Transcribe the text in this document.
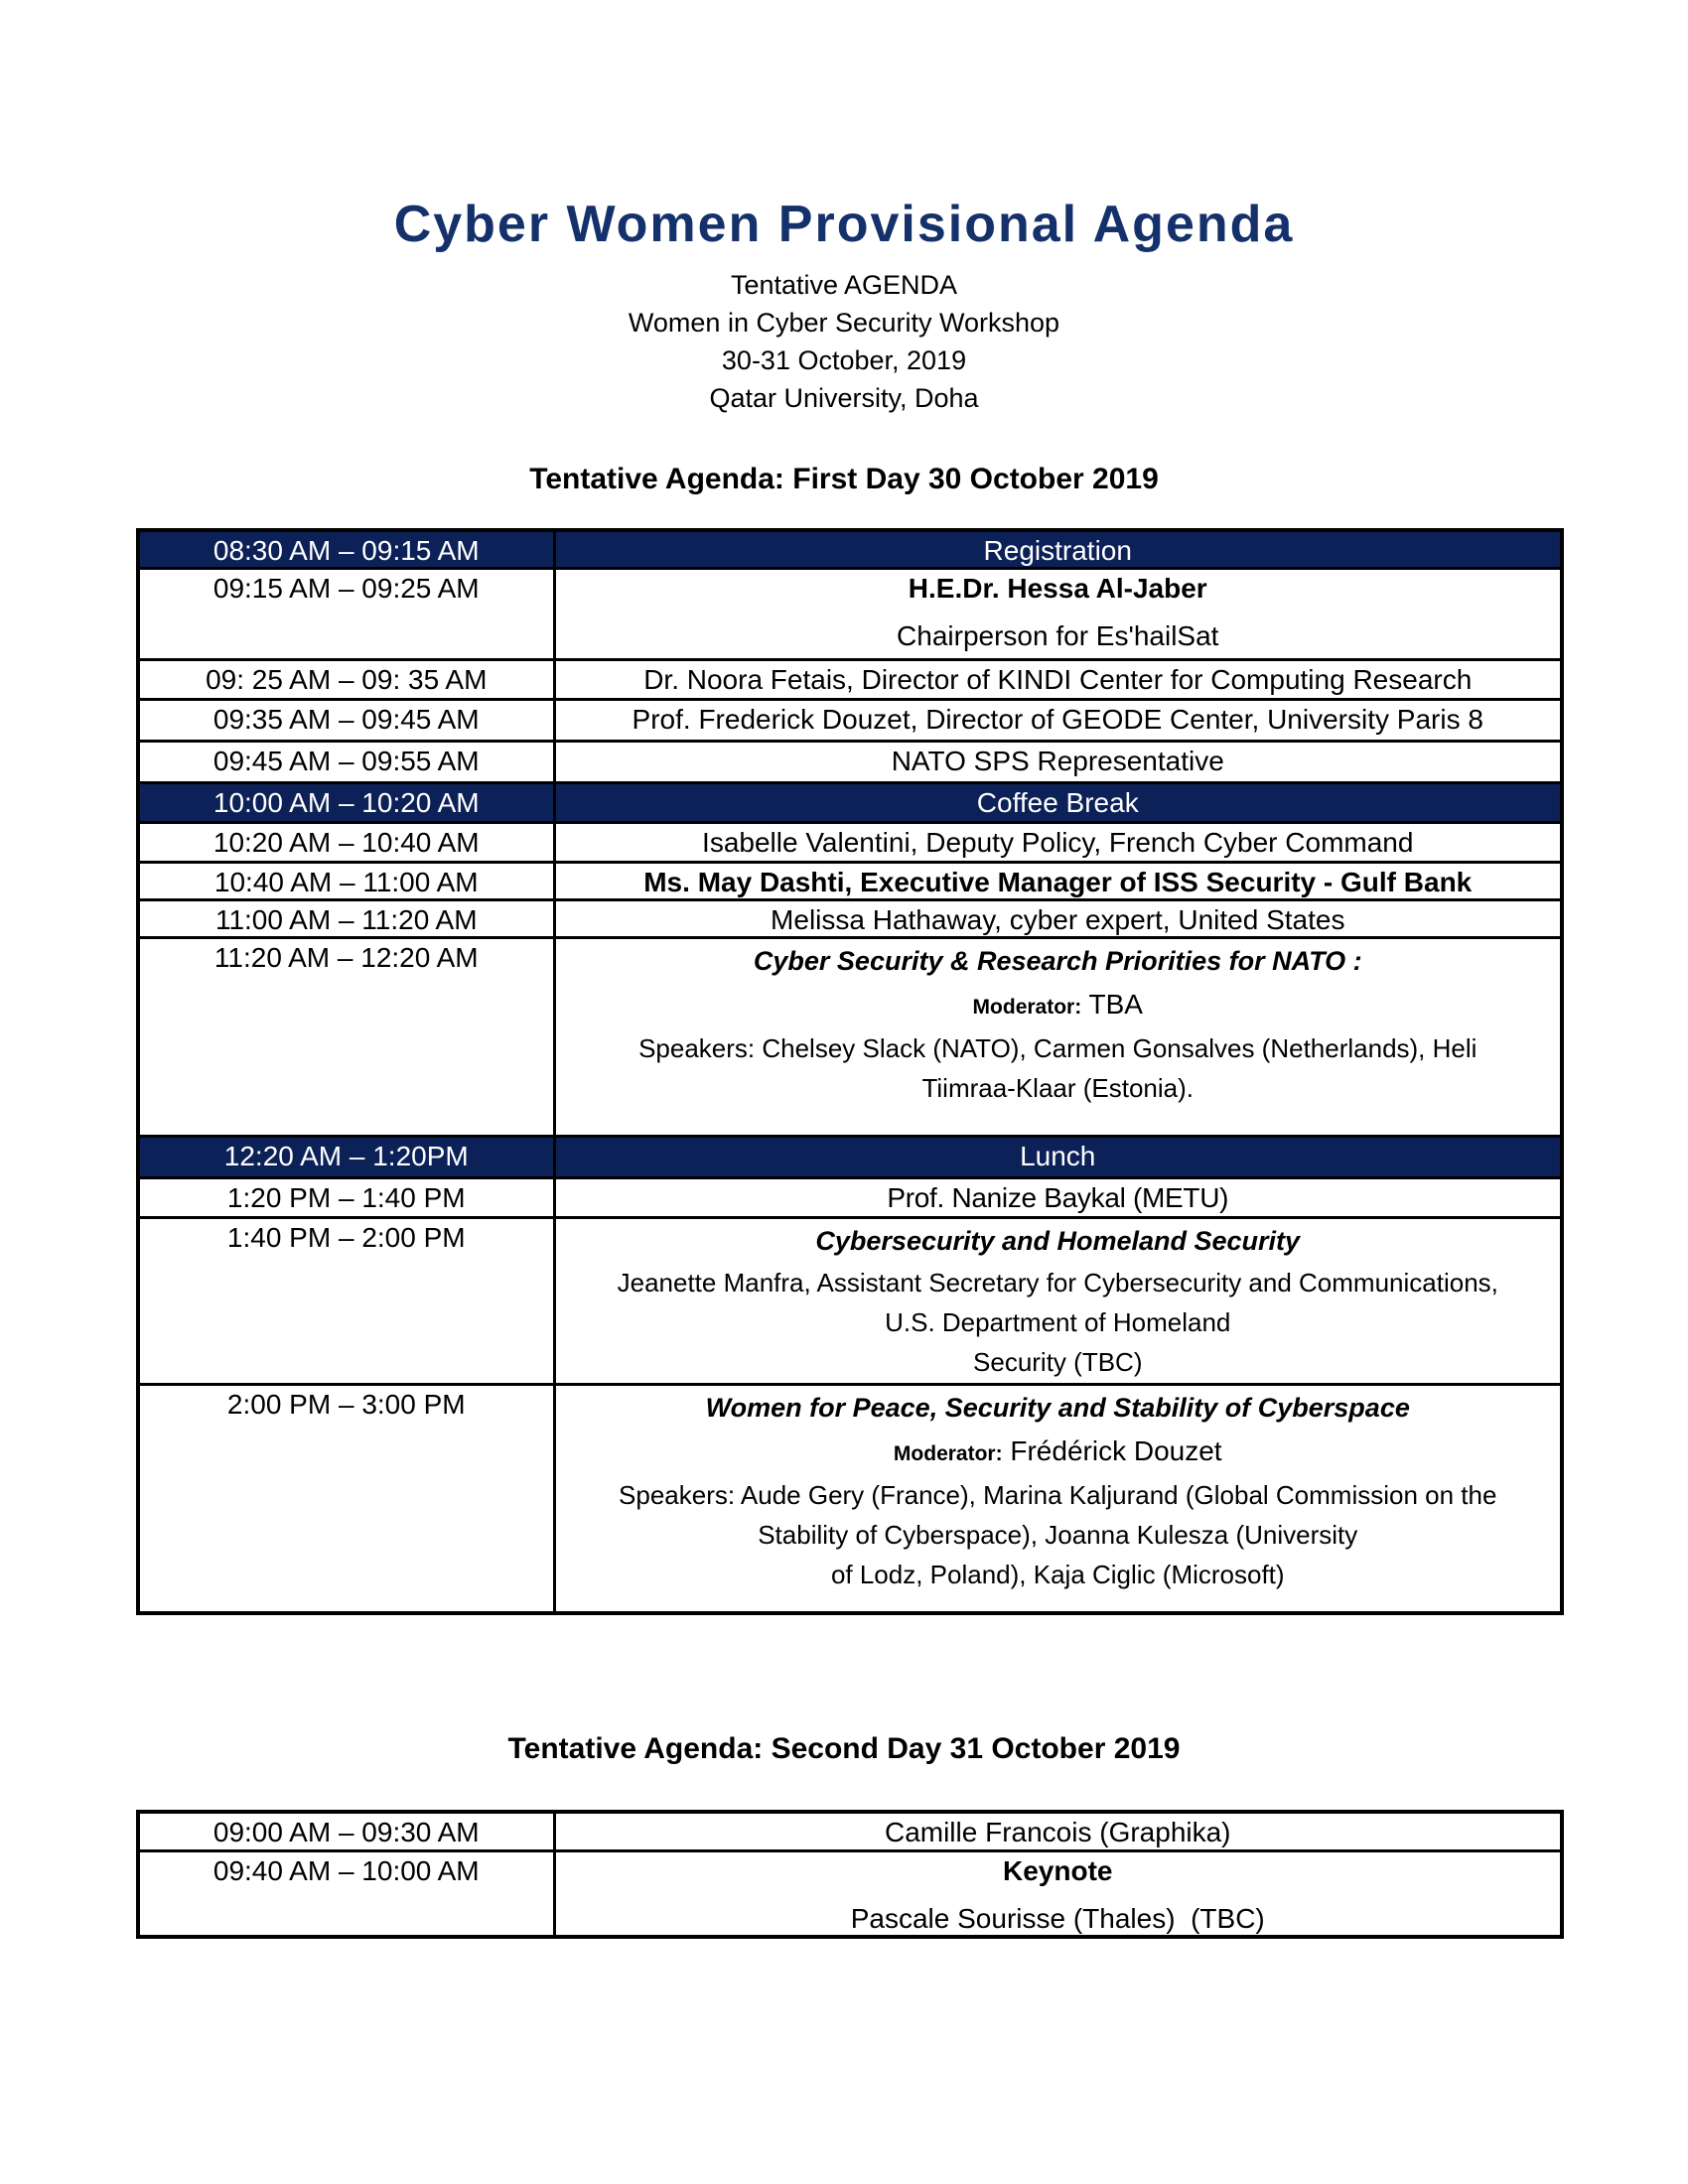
Cyber Women Provisional Agenda
Tentative AGENDA
Women in Cyber Security Workshop
30-31 October, 2019
Qatar University, Doha
Tentative Agenda: First Day 30 October 2019
08:30 AM – 09:15 AM	Registration
09:15 AM – 09:25 AM	H.E.Dr. Hessa Al-Jaber
Chairperson for Es'hailSat

09: 25 AM – 09: 35 AM	Dr. Noora Fetais, Director of KINDI Center for Computing Research
09:35 AM – 09:45 AM	Prof. Frederick Douzet, Director of GEODE Center, University Paris 8
09:45 AM – 09:55 AM	NATO SPS Representative
10:00 AM – 10:20 AM	Coffee Break
10:20 AM – 10:40 AM	Isabelle Valentini, Deputy Policy, French Cyber Command
10:40 AM – 11:00 AM	Ms. May Dashti, Executive Manager of ISS Security - Gulf Bank
11:00 AM – 11:20 AM	Melissa Hathaway, cyber expert, United States
11:20 AM – 12:20 AM	Cyber Security & Research Priorities for NATO :
Moderator: TBA
Speakers: Chelsey Slack (NATO), Carmen Gonsalves (Netherlands), Heli
Tiimraa-Klaar (Estonia).

12:20 AM – 1:20PM	Lunch
1:20 PM – 1:40 PM	Prof. Nanize Baykal (METU)
1:40 PM – 2:00 PM	Cybersecurity and Homeland Security
Jeanette Manfra, Assistant Secretary for Cybersecurity and Communications,
U.S. Department of Homeland
Security (TBC)

2:00 PM – 3:00 PM	Women for Peace, Security and Stability of Cyberspace
Moderator: Frédérick Douzet
Speakers: Aude Gery (France), Marina Kaljurand (Global Commission on the
Stability of Cyberspace), Joanna Kulesza (University
of Lodz, Poland), Kaja Ciglic (Microsoft)
Tentative Agenda: Second Day 31 October 2019
09:00 AM – 09:30 AM	Camille Francois (Graphika)
09:40 AM – 10:00 AM	Keynote
Pascale Sourisse (Thales)  (TBC)
